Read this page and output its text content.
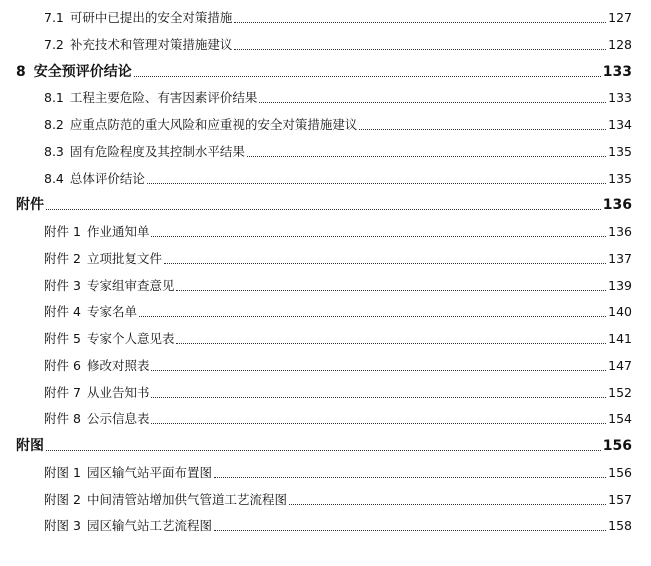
7.1 可研中已提出的安全对策措施	127
7.2 补充技术和管理对策措施建议	128
8 安全预评价结论	133
8.1 工程主要危险、有害因素评价结果	133
8.2 应重点防范的重大风险和应重视的安全对策措施建议	134
8.3 固有危险程度及其控制水平结果	135
8.4 总体评价结论	135
附件	136
附件 1 作业通知单	136
附件 2 立项批复文件	137
附件 3 专家组审查意见	139
附件 4 专家名单	140
附件 5 专家个人意见表	141
附件 6 修改对照表	147
附件 7 从业告知书	152
附件 8 公示信息表	154
附图	156
附图 1 园区输气站平面布置图	156
附图 2 中间清管站增加供气管道工艺流程图	157
附图 3 园区输气站工艺流程图	158
